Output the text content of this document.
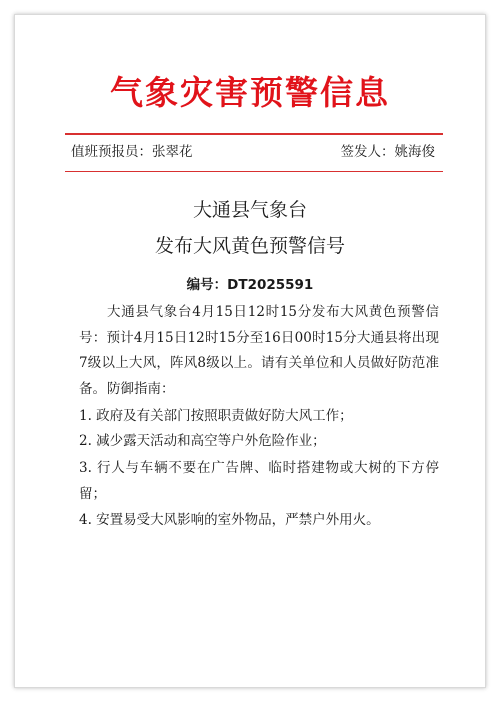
气象灾害预警信息
值班预报员：张翠花	签发人：姚海俊
大通县气象台
发布大风黄色预警信号
编号：DT2025591
大通县气象台4月15日12时15分发布大风黄色预警信号：预计4月15日12时15分至16日00时15分大通县将出现7级以上大风，阵风8级以上。请有关单位和人员做好防范准备。 防御指南：
1. 政府及有关部门按照职责做好防大风工作；
2. 减少露天活动和高空等户外危险作业；
3. 行人与车辆不要在广告牌、临时搭建物或大树的下方停留；
4. 安置易受大风影响的室外物品，严禁户外用火。
